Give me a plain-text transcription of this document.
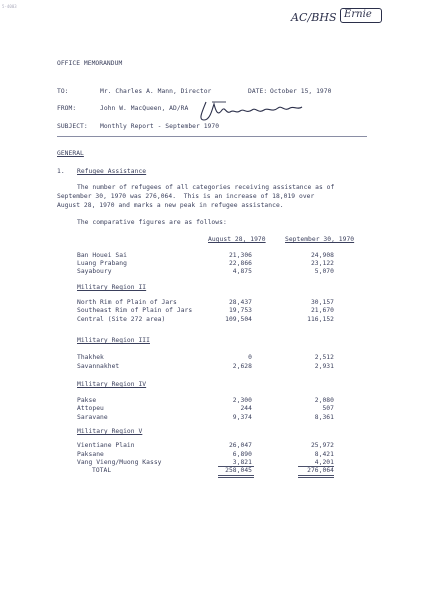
5-4003
AC/BHS Ernie
OFFICE MEMORANDUM
TO:	Mr. Charles A. Mann, Director	DATE: October 15, 1970
FROM:	John W. MacQueen, AD/RA
SUBJECT: Monthly Report - September 1970
GENERAL
1. Refugee Assistance
The number of refugees of all categories receiving assistance as of
September 30, 1970 was 276,064.  This is an increase of 18,019 over
August 28, 1970 and marks a new peak in refugee assistance.
The comparative figures are as follows:
August 28, 1970	September 30, 1970
Ban Houei Sai	21,306	24,908
Luang Prabang	22,866	23,122
Sayaboury	4,875	5,070
Military Region II
North Rim of Plain of Jars	28,437	30,157
Southeast Rim of Plain of Jars	19,753	21,670
Central (Site 272 area)	109,504	116,152
Military Region III
Thakhek	0	2,512
Savannakhet	2,628	2,931
Military Region IV
Pakse	2,300	2,080
Attopeu	244	507
Saravane	9,374	8,361
Military Region V
Vientiane Plain	26,047	25,972
Paksane	6,890	8,421
Vang Vieng/Muong Kassy	3,821	4,201
TOTAL	258,045	276,064
